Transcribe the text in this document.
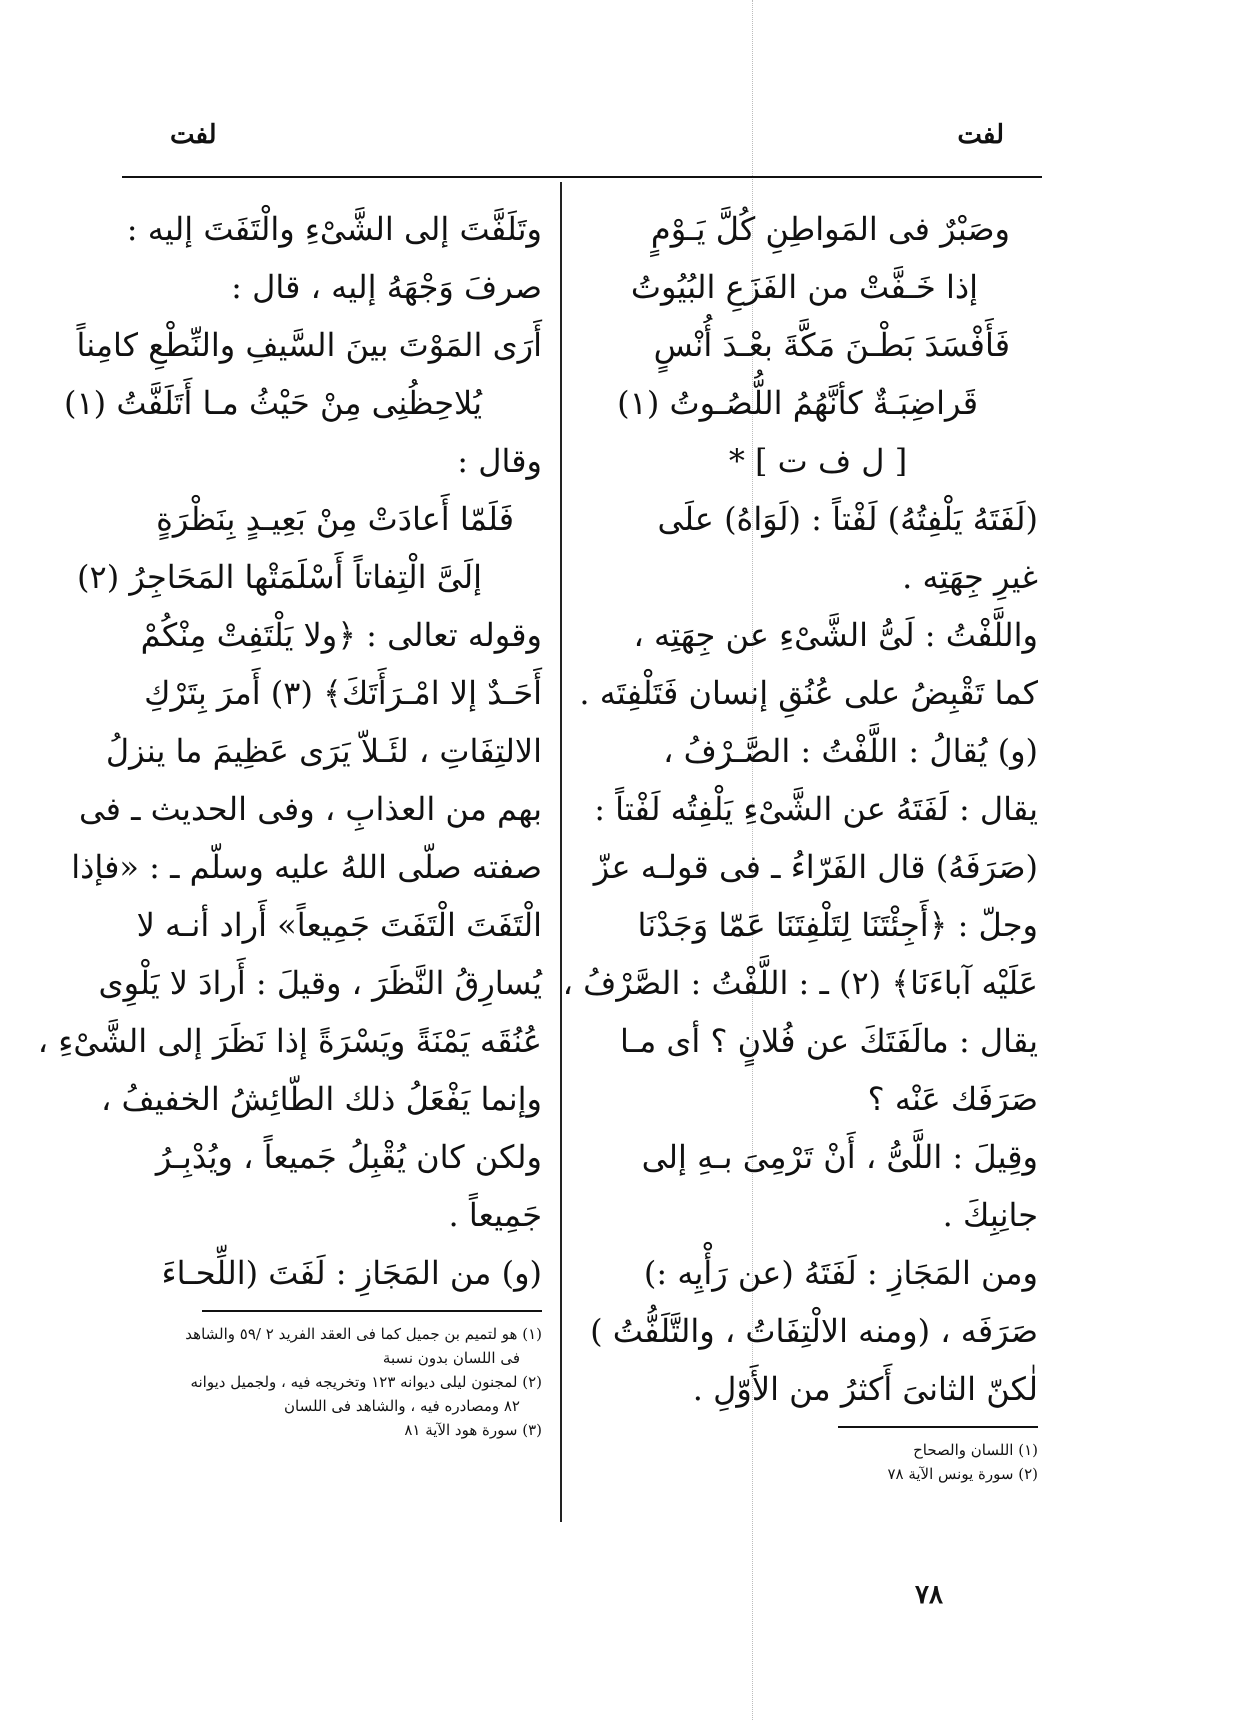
لفت
لفت
وصَبْرٌ فى المَواطِنِ كُلَّ يَـوْمٍ
إذا خَـفَّتْ من الفَزَعِ البُيُوتُ
فَأَفْسَدَ بَطْـنَ مَكَّةَ بعْـدَ أُنْسٍ
قَراضِبَـةٌ كأنَّهُمُ اللُّصُـوتُ (١)
[ ل ف ت ] *
(لَفَتَهُ يَلْفِتُهُ) لَفْتاً : (لَوَاهُ) علَى
غيرِ جِهَتِه .
واللَّفْتُ : لَىُّ الشَّىْءِ عن جِهَتِه ،
كما تَقْبِضُ على عُنُقِ إنسان فَتَلْفِتَه .
(و) يُقالُ : اللَّفْتُ : الصَّـرْفُ ،
يقال : لَفَتَهُ عن الشَّىْءِ يَلْفِتُه لَفْتاً :
(صَرَفَهُ) قال الفَرّاءُ ـ فى قولـه عزّ
وجلّ : ﴿أَجِئْتَنَا لِتَلْفِتَنَا عَمّا وَجَدْنَا
عَلَيْه آباءَنَا﴾ (٢) ـ : اللَّفْتُ : الصَّرْفُ ،
يقال : مالَفَتَكَ عن فُلانٍ ؟ أى مـا
صَرَفَك عَنْه ؟
وقِيلَ : اللَّىُّ ، أَنْ تَرْمِىَ بـهِ إلى
جانِبِكَ .
ومن المَجَازِ : لَفَتَهُ (عن رَأْيِه :)
صَرَفَه ، (ومنه الالْتِفَاتُ ، والتَّلَفُّتُ )
لٰكنّ الثانىَ أَكثرُ من الأَوّلِ .
(١) اللسان والصحاح
(٢) سورة يونس الآية ٧٨
وتَلَفَّتَ إلى الشَّىْءِ والْتَفَتَ إليه :
صرفَ وَجْهَهُ إليه ، قال :
أَرَى المَوْتَ بينَ السَّيفِ والنِّطْعِ كامِناً
يُلاحِظُنِى مِنْ حَيْثُ مـا أَتَلَفَّتُ (١)
وقال :
فَلَمّا أَعادَتْ مِنْ بَعِيـدٍ بِنَظْرَةٍ
إلَىَّ الْتِفاتاً أَسْلَمَتْها المَحَاجِرُ (٢)
وقوله تعالى : ﴿ولا يَلْتَفِتْ مِنْكُمْ
أَحَـدٌ إلا امْـرَأَتَكَ﴾ (٣) أَمرَ بِتَرْكِ
الالتِفَاتِ ، لئَـلاّ يَرَى عَظِيمَ ما ينزلُ
بهم من العذابِ ، وفى الحديث ـ فى
صفته صلّى اللهُ عليه وسلّم ـ : «فإذا
الْتَفَتَ الْتَفَتَ جَمِيعاً» أَراد أنـه لا
يُسارِقُ النَّظَرَ ، وقيلَ : أَرادَ لا يَلْوِى
عُنُقَه يَمْنَةً ويَسْرَةً إذا نَظَرَ إلى الشَّىْءِ ،
وإنما يَفْعَلُ ذلك الطّائِشُ الخفيفُ ،
ولكن كان يُقْبِلُ جَميعاً ، ويُدْبِـرُ
جَمِيعاً .
(و) من المَجَازِ : لَفَتَ (اللِّحـاءَ
(١) هو لتميم بن جميل كما فى العقد الفريد ٢ /٥٩ والشاهد
فى اللسان بدون نسبة
(٢) لمجنون ليلى ديوانه ١٢٣ وتخريجه فيه ، ولجميل ديوانه
٨٢ ومصادره فيه ، والشاهد فى اللسان
(٣) سورة هود الآية ٨١
٧٨
